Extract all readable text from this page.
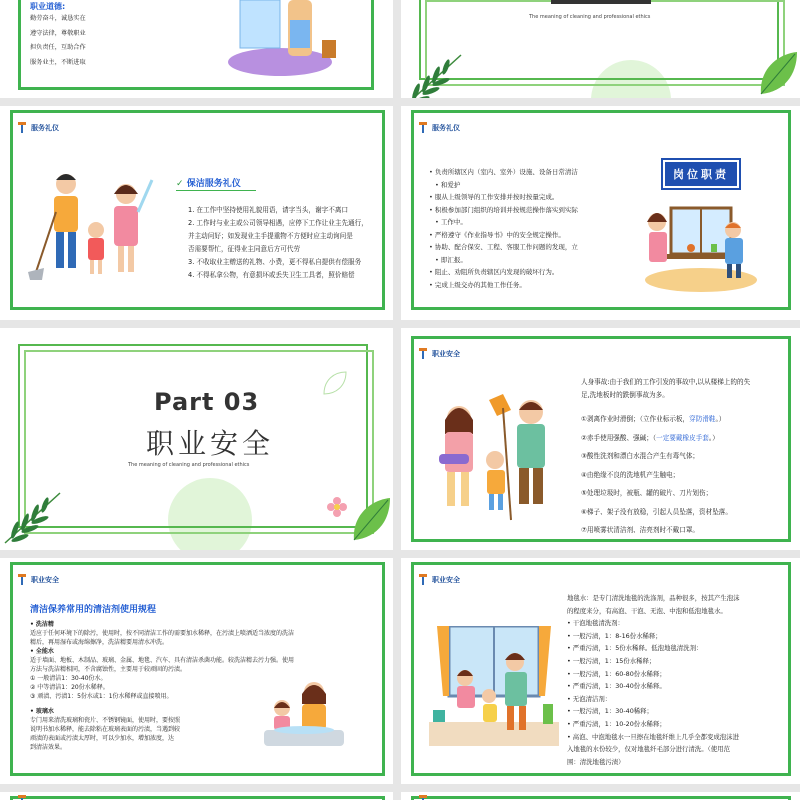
职业道德:
勤劳奋斗，诚恳实在
遵守法律，尊敬职业
担负责任，互助合作
服务业主，不断进取
The meaning of cleaning and professional ethics
服务礼仪
✓ 保洁服务礼仪
1. 在工作中坚持使用礼貌用语，请字当头，谢字不离口
2. 工作时与业主或公司领导相遇，应停下工作让业主先通行，
并主动问好；如发现业主手提重物不方便时应主动询问是
否需要帮忙，征得业主同意后方可代劳
3. 不收取业主赠送的礼物、小费，更不得私自提供有偿服务
4. 不得私拿公物，有意损坏或丢失卫生工具者，照价赔偿
服务礼仪
• 负责所辖区内（室内、室外）设施、设备日常清洁
• 和爱护
• 服从上级领导的工作安排并按时按量完成。
• 积极参加部门组织的培训并按规范操作落实到实际
• 工作中。
• 严格遵守《作业指导书》中的安全规定操作。
• 协助、配合保安、工程、客服工作问题的发现，立
• 即汇报。
• 阻止、劝阻所负责辖区内发现的破坏行为。
• 完成上级交办的其他工作任务。
岗位职责
Part 03
职业安全
The meaning of cleaning and professional ethics
职业安全
人身事故:由于我们的工作引发的事故中,以从楼梯上的的失
足,洗地板时的跌倒事故为多。
①剥离作业时滑倒；（立作业标示板，穿防滑鞋。）
②赤手使用强酸、强碱；（一定要戴橡皮手套。）
③酸性洗剂和漂白水混合产生有毒气体；
④由绝缘不良的洗地机产生触电；
⑤处理垃圾时，被瓶、罐的破片、刀片划伤；
⑥梯子、架子没有放稳，引起人员坠落，资材坠落。
⑦用喷雾状清洁剂、洁亮剂时不戴口罩。
职业安全
清洁保养常用的清洁剂使用规程
• 洗洁精
适应于任何环境下的除污，使用时，按不同清洁工作的需要加水稀释，在污渍上喷洒适当浓度的洗洁
精后，再用湿布或海绵擦净，洗洁精要用清水冲洗。
• 全能水
适于墙面、地板、木制品、玻璃、金属、地毯、汽车、具有清洁杀菌功能。较洗洁精去污力强。使用
方法与洗洁精相同，不含腐蚀性，主要用于较顽固的污渍。
① 一般清洁1：30-40份水。
② 中等清洁1：20份水稀释。
③ 顽渍、污渍1：5份水或1：1份水稀释或直接喷用。
• 玻璃水
专门用来清洗玻璃和瓷片、不锈钢镜面，使用时，要按照
说明书加水稀释，能去除粘在玻璃表面的污渍，当遇到较
顽渍的表面或污渍太厚时，可以少加水，增加浓度，达
到清洁效果。
职业安全
地毯水：是专门清洗地毯的洗涤剂，品种很多，按其产生泡沫
的程度来分，有高泡、干泡、无泡、中泡和低泡地毯水。
• 干泡地毯清洗剂：
• 一般污渍，1：8-16份水稀释；
• 严重污渍，1：5份水稀释。低泡地毯清洗剂：
• 一般污渍，1：15份水稀释；
• 一般污渍，1：60-80份水稀释；
• 严重污渍，1：30-40份水稀释。
• 无泡清洁剂：
• 一般污渍，1：30-40稀释；
• 严重污渍，1：10-20份水稀释；
• 高泡、中泡地毯水一旦擦在地毯纤维上几乎全都变成泡沫进
入地毯的水份较少，仅对地毯纤毛部分进行清洗。（使用范
围：清洗地毯污渍）
